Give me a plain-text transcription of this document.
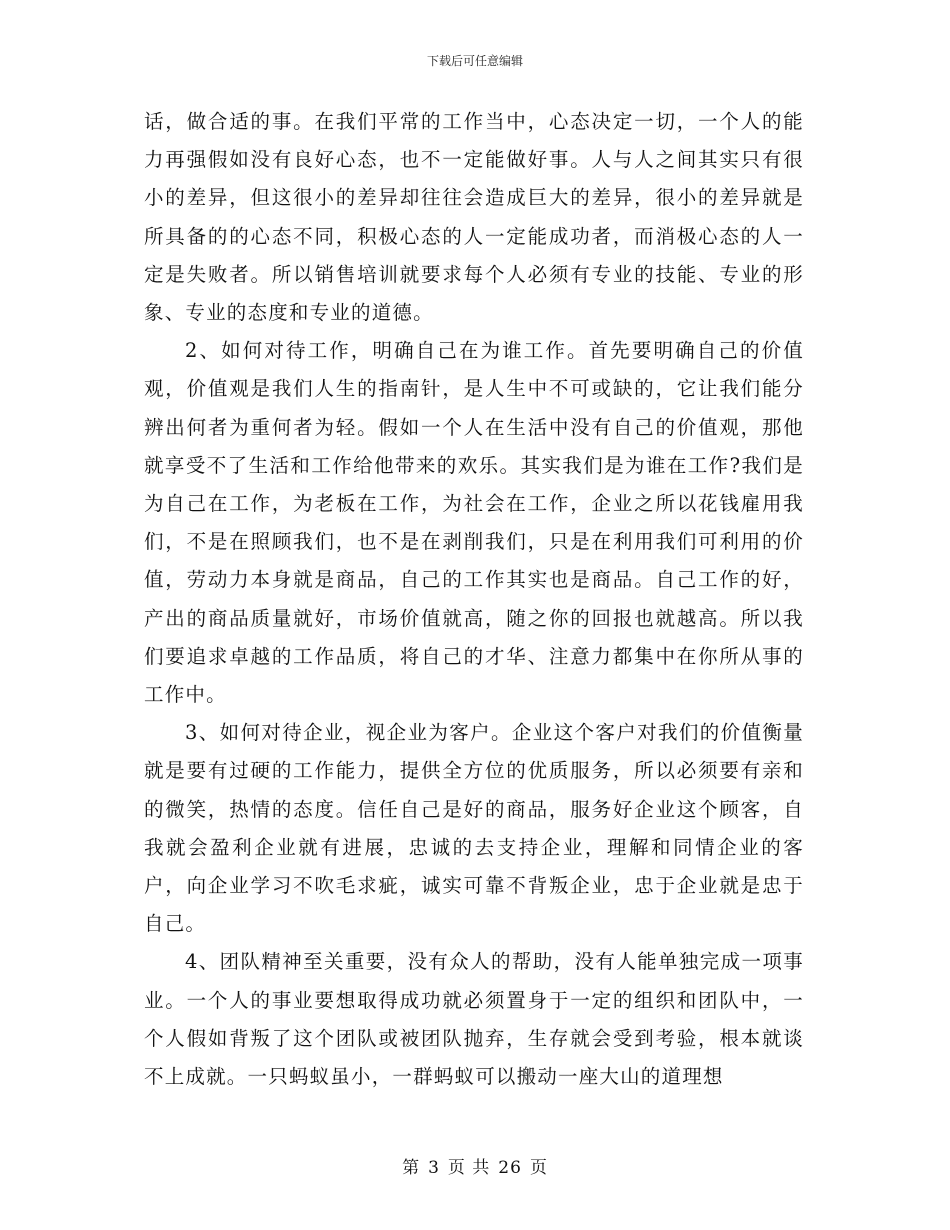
下载后可任意编辑

话，做合适的事。在我们平常的工作当中，心态决定一切，一个人的能力再强假如没有良好心态，也不一定能做好事。人与人之间其实只有很小的差异，但这很小的差异却往往会造成巨大的差异，很小的差异就是所具备的的心态不同，积极心态的人一定能成功者，而消极心态的人一定是失败者。所以销售培训就要求每个人必须有专业的技能、专业的形象、专业的态度和专业的道德。

2、如何对待工作，明确自己在为谁工作。首先要明确自己的价值观，价值观是我们人生的指南针，是人生中不可或缺的，它让我们能分辨出何者为重何者为轻。假如一个人在生活中没有自己的价值观，那他就享受不了生活和工作给他带来的欢乐。其实我们是为谁在工作?我们是为自己在工作，为老板在工作，为社会在工作，企业之所以花钱雇用我们，不是在照顾我们，也不是在剥削我们，只是在利用我们可利用的价值，劳动力本身就是商品，自己的工作其实也是商品。自己工作的好，产出的商品质量就好，市场价值就高，随之你的回报也就越高。所以我们要追求卓越的工作品质，将自己的才华、注意力都集中在你所从事的工作中。

3、如何对待企业，视企业为客户。企业这个客户对我们的价值衡量就是要有过硬的工作能力，提供全方位的优质服务，所以必须要有亲和的微笑，热情的态度。信任自己是好的商品，服务好企业这个顾客，自我就会盈利企业就有进展，忠诚的去支持企业，理解和同情企业的客户，向企业学习不吹毛求疵，诚实可靠不背叛企业，忠于企业就是忠于自己。

4、团队精神至关重要，没有众人的帮助，没有人能单独完成一项事业。一个人的事业要想取得成功就必须置身于一定的组织和团队中，一个人假如背叛了这个团队或被团队抛弃，生存就会受到考验，根本就谈不上成就。一只蚂蚁虽小，一群蚂蚁可以搬动一座大山的道理想

第 3 页 共 26 页
